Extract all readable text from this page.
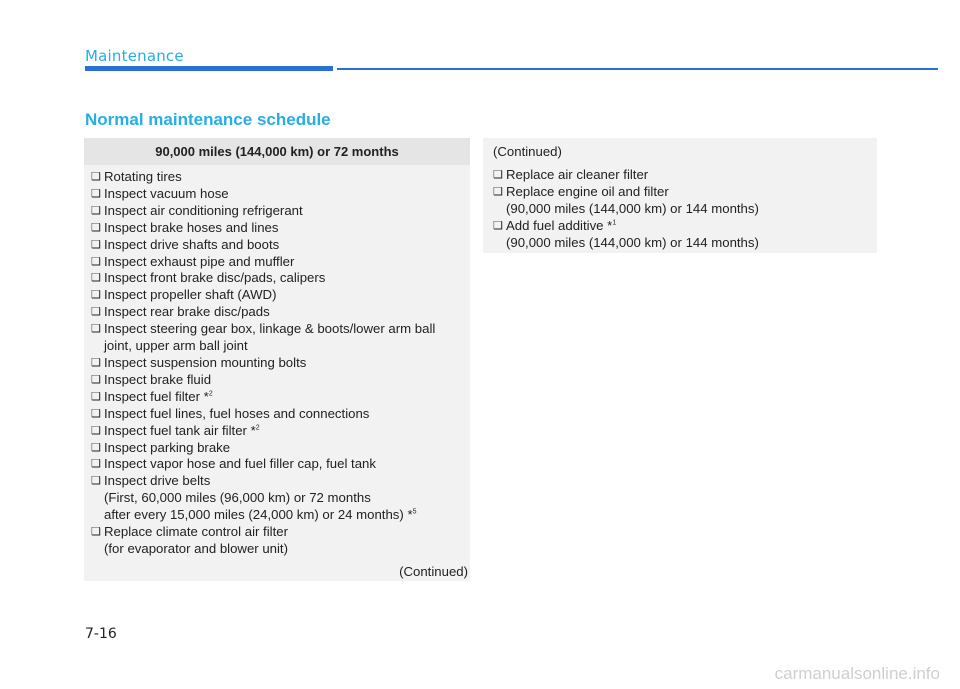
Maintenance
Normal maintenance schedule
90,000 miles (144,000 km) or 72 months
❑ Rotating tires
❑ Inspect vacuum hose
❑ Inspect air conditioning refrigerant
❑ Inspect brake hoses and lines
❑ Inspect drive shafts and boots
❑ Inspect exhaust pipe and muffler
❑ Inspect front brake disc/pads, calipers
❑ Inspect propeller shaft (AWD)
❑ Inspect rear brake disc/pads
❑ Inspect steering gear box, linkage & boots/lower arm ball
joint, upper arm ball joint
❑ Inspect suspension mounting bolts
❑ Inspect brake fluid
❑ Inspect fuel filter *$^2$
❑ Inspect fuel lines, fuel hoses and connections
❑ Inspect fuel tank air filter *$^2$
❑ Inspect parking brake
❑ Inspect vapor hose and fuel filler cap, fuel tank
❑ Inspect drive belts
(First, 60,000 miles (96,000 km) or 72 months
after every 15,000 miles (24,000 km) or 24 months) *$^5$
❑ Replace climate control air filter
(for evaporator and blower unit)
(Continued)
(Continued)
❑ Replace air cleaner filter
❑ Replace engine oil and filter
(90,000 miles (144,000 km) or 144 months)
❑ Add fuel additive *$^1$
(90,000 miles (144,000 km) or 144 months)
7-16
carmanualsonline.info
